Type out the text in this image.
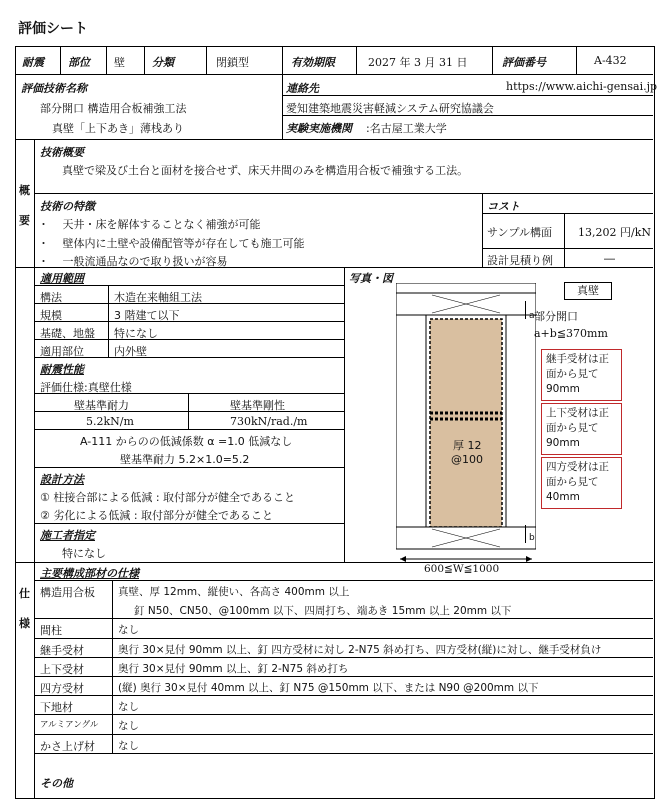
評価シート
耐震 部位 壁 分類	閉鎖型	有効期限	2027 年 3 月 31 日	評価番号	A-432
評価技術名称
部分開口 構造用合板補強工法
真壁「上下あき」薄栈あり
連絡先	https://www.aichi-gensai.jp
愛知建築地震災害軽減システム研究協議会
実験実施機関 :名古屋工業大学
概
要
技術概要
真壁で梁及び土台と面材を接合せず、床天井間のみを構造用合板で補強する工法。
技術の特徴
・ 天井・床を解体することなく補強が可能
・ 壁体内に土壁や設備配管等が存在しても施工可能
・ 一般流通品なので取り扱いが容易
コスト
サンプル構面 13,202 円/kN
設計見積り例	―
適用範囲
構法	木造在来軸組工法
規模	3 階建て以下
基礎、地盤 特になし
適用部位	内外壁
耐震性能
評価仕様:真壁仕様
壁基準耐力	壁基準剛性
5.2kN/m	730kN/rad./m
A-111 からのの低減係数 α =1.0 低減なし
壁基準耐力 5.2×1.0=5.2
設計方法
① 柱接合部による低減 : 取付部分が健全であること
② 劣化による低減 : 取付部分が健全であること
施工者指定
特になし
写真・図
厚 12
@100
a
b
600≦W≦1000
真壁
部分開口
a+b≦370mm
継手受材は正面から見て 90mm
上下受材は正面から見て 90mm
四方受材は正面から見て 40mm
仕
様
主要構成部材の仕様
構造用合板 真壁、厚 12mm、縦使い、各高さ 400mm 以上
釘 N50、CN50、@100mm 以下、四周打ち、端あき 15mm 以上 20mm 以下
間柱	なし
継手受材	奥行 30×見付 90mm 以上、釘 四方受材に対し 2-N75 斜め打ち、四方受材(縦)に対し、継手受材負け
上下受材	奥行 30×見付 90mm 以上、釘 2-N75 斜め打ち
四方受材	(縦) 奥行 30×見付 40mm 以上、釘 N75 @150mm 以下、または N90 @200mm 以下
下地材	なし
アルミアングル なし
かさ上げ材 なし
その他
